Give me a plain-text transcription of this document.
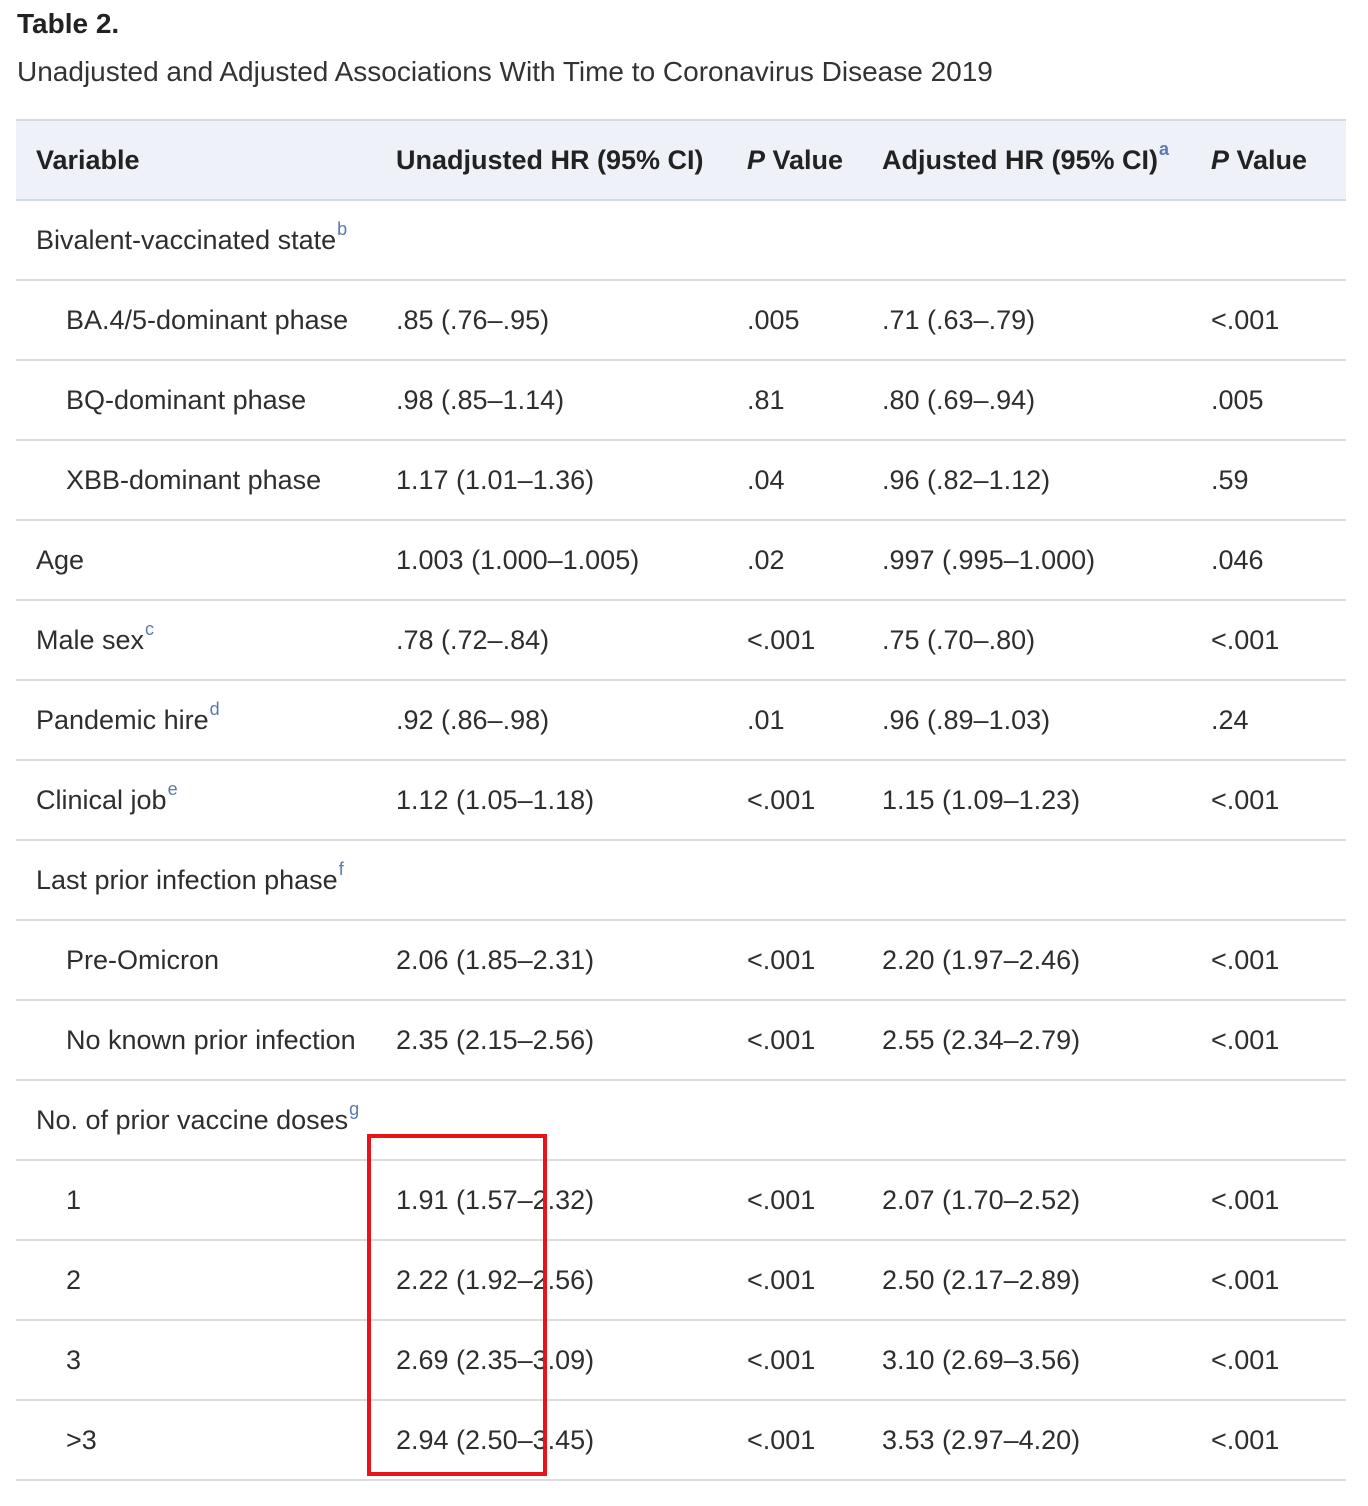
Table 2.
Unadjusted and Adjusted Associations With Time to Coronavirus Disease 2019
Variable	Unadjusted HR (95% CI)	P Value	Adjusted HR (95% CI)$^a$	P Value
Bivalent-vaccinated state$^b$				
BA.4/5-dominant phase	.85 (.76–.95)	.005	.71 (.63–.79)	<.001
BQ-dominant phase	.98 (.85–1.14)	.81	.80 (.69–.94)	.005
XBB-dominant phase	1.17 (1.01–1.36)	.04	.96 (.82–1.12)	.59
Age	1.003 (1.000–1.005)	.02	.997 (.995–1.000)	.046
Male sex$^c$	.78 (.72–.84)	<.001	.75 (.70–.80)	<.001
Pandemic hire$^d$	.92 (.86–.98)	.01	.96 (.89–1.03)	.24
Clinical job$^e$	1.12 (1.05–1.18)	<.001	1.15 (1.09–1.23)	<.001
Last prior infection phase$^f$				
Pre-Omicron	2.06 (1.85–2.31)	<.001	2.20 (1.97–2.46)	<.001
No known prior infection	2.35 (2.15–2.56)	<.001	2.55 (2.34–2.79)	<.001
No. of prior vaccine doses$^g$				
1	1.91 (1.57–2.32)	<.001	2.07 (1.70–2.52)	<.001
2	2.22 (1.92–2.56)	<.001	2.50 (2.17–2.89)	<.001
3	2.69 (2.35–3.09)	<.001	3.10 (2.69–3.56)	<.001
>3	2.94 (2.50–3.45)	<.001	3.53 (2.97–4.20)	<.001
